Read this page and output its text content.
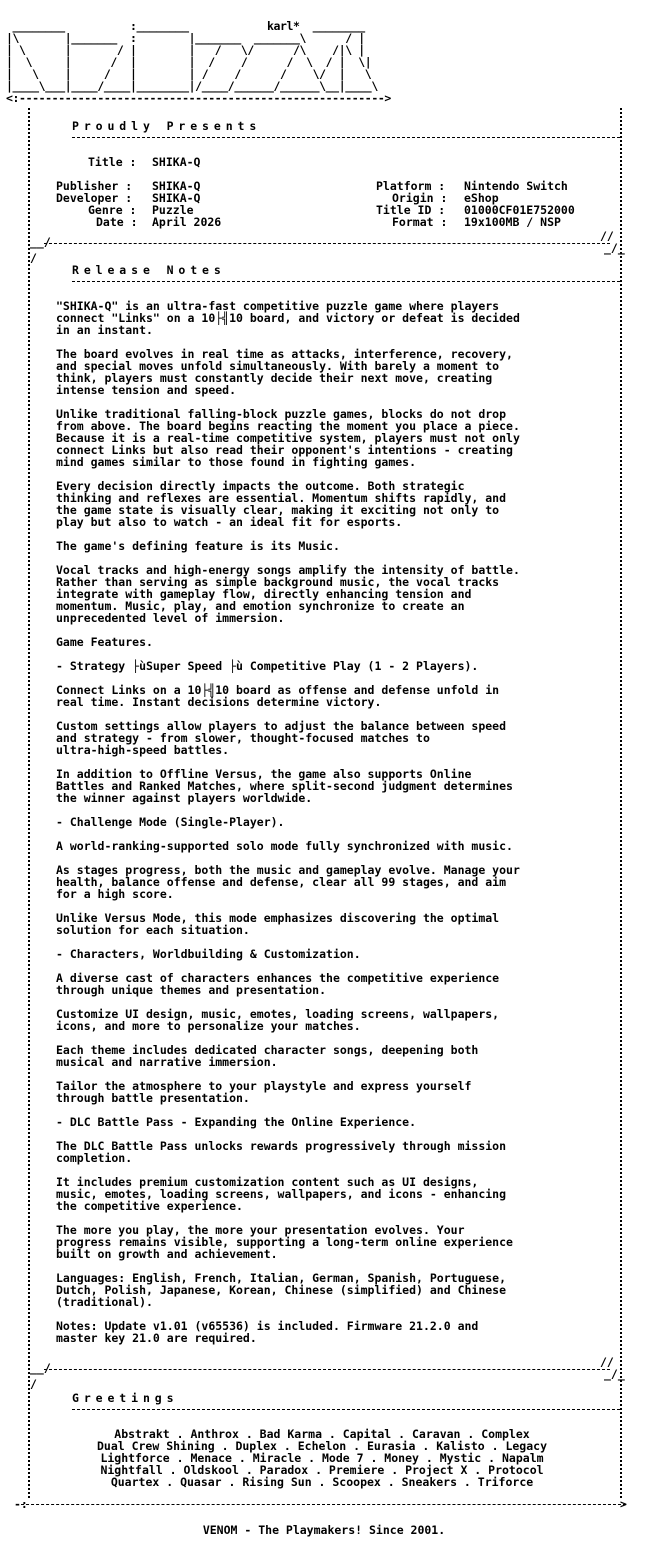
________          :________            karl*  ________
|\       |_______  :        |_______  _______\      / |
| \      |       / |        |   /   \/      /\    /|\ |
|  \     |      /  |        |  /    /      /  \  / |  \|
|   \    |     /   |        | /    /      /    \/  |   \
|____\___|____/____|________|/____/______/______\__|____\
<:-------------------------------------------------------->
Proudly Presents
Title : SHIKA-Q
Publisher : SHIKA-Q
Developer : SHIKA-Q
Genre : Puzzle
Date : April 2026
Platform : Nintendo Switch
Origin : eShop
Title ID : 01000CF01E752000
Format : 19x100MB / NSP
__/
/
//
_/_
Release Notes

"SHIKA-Q" is an ultra-fast competitive puzzle game where players
connect "Links" on a 10├╣10 board, and victory or defeat is decided
in an instant.

The board evolves in real time as attacks, interference, recovery,
and special moves unfold simultaneously. With barely a moment to
think, players must constantly decide their next move, creating
intense tension and speed.

Unlike traditional falling-block puzzle games, blocks do not drop
from above. The board begins reacting the moment you place a piece.
Because it is a real-time competitive system, players must not only
connect Links but also read their opponent's intentions - creating
mind games similar to those found in fighting games.

Every decision directly impacts the outcome. Both strategic
thinking and reflexes are essential. Momentum shifts rapidly, and
the game state is visually clear, making it exciting not only to
play but also to watch - an ideal fit for esports.

The game's defining feature is its Music.

Vocal tracks and high-energy songs amplify the intensity of battle.
Rather than serving as simple background music, the vocal tracks
integrate with gameplay flow, directly enhancing tension and
momentum. Music, play, and emotion synchronize to create an
unprecedented level of immersion.

Game Features.

- Strategy ├ùSuper Speed ├ù Competitive Play (1 - 2 Players).

Connect Links on a 10├╣10 board as offense and defense unfold in
real time. Instant decisions determine victory.

Custom settings allow players to adjust the balance between speed
and strategy - from slower, thought-focused matches to
ultra-high-speed battles.

In addition to Offline Versus, the game also supports Online
Battles and Ranked Matches, where split-second judgment determines
the winner against players worldwide.

- Challenge Mode (Single-Player).

A world-ranking-supported solo mode fully synchronized with music.

As stages progress, both the music and gameplay evolve. Manage your
health, balance offense and defense, clear all 99 stages, and aim
for a high score.

Unlike Versus Mode, this mode emphasizes discovering the optimal
solution for each situation.

- Characters, Worldbuilding & Customization.

A diverse cast of characters enhances the competitive experience
through unique themes and presentation.

Customize UI design, music, emotes, loading screens, wallpapers,
icons, and more to personalize your matches.

Each theme includes dedicated character songs, deepening both
musical and narrative immersion.

Tailor the atmosphere to your playstyle and express yourself
through battle presentation.

- DLC Battle Pass - Expanding the Online Experience.

The DLC Battle Pass unlocks rewards progressively through mission
completion.

It includes premium customization content such as UI designs,
music, emotes, loading screens, wallpapers, and icons - enhancing
the competitive experience.

The more you play, the more your presentation evolves. Your
progress remains visible, supporting a long-term online experience
built on growth and achievement.

Languages: English, French, Italian, German, Spanish, Portuguese,
Dutch, Polish, Japanese, Korean, Chinese (simplified) and Chinese
(traditional).

Notes: Update v1.01 (v65536) is included. Firmware 21.2.0 and
master key 21.0 are required.

__/
/
//
_/_
Greetings
Abstrakt . Anthrox . Bad Karma . Capital . Caravan . Complex
Dual Crew Shining . Duplex . Echelon . Eurasia . Kalisto . Legacy
Lightforce . Menace . Miracle . Mode 7 . Money . Mystic . Napalm
Nightfall . Oldskool . Paradox . Premiere . Project X . Protocol
Quartex . Quasar . Rising Sun . Scoopex . Sneakers . Triforce
>
-:
VENOM - The Playmakers! Since 2001.
